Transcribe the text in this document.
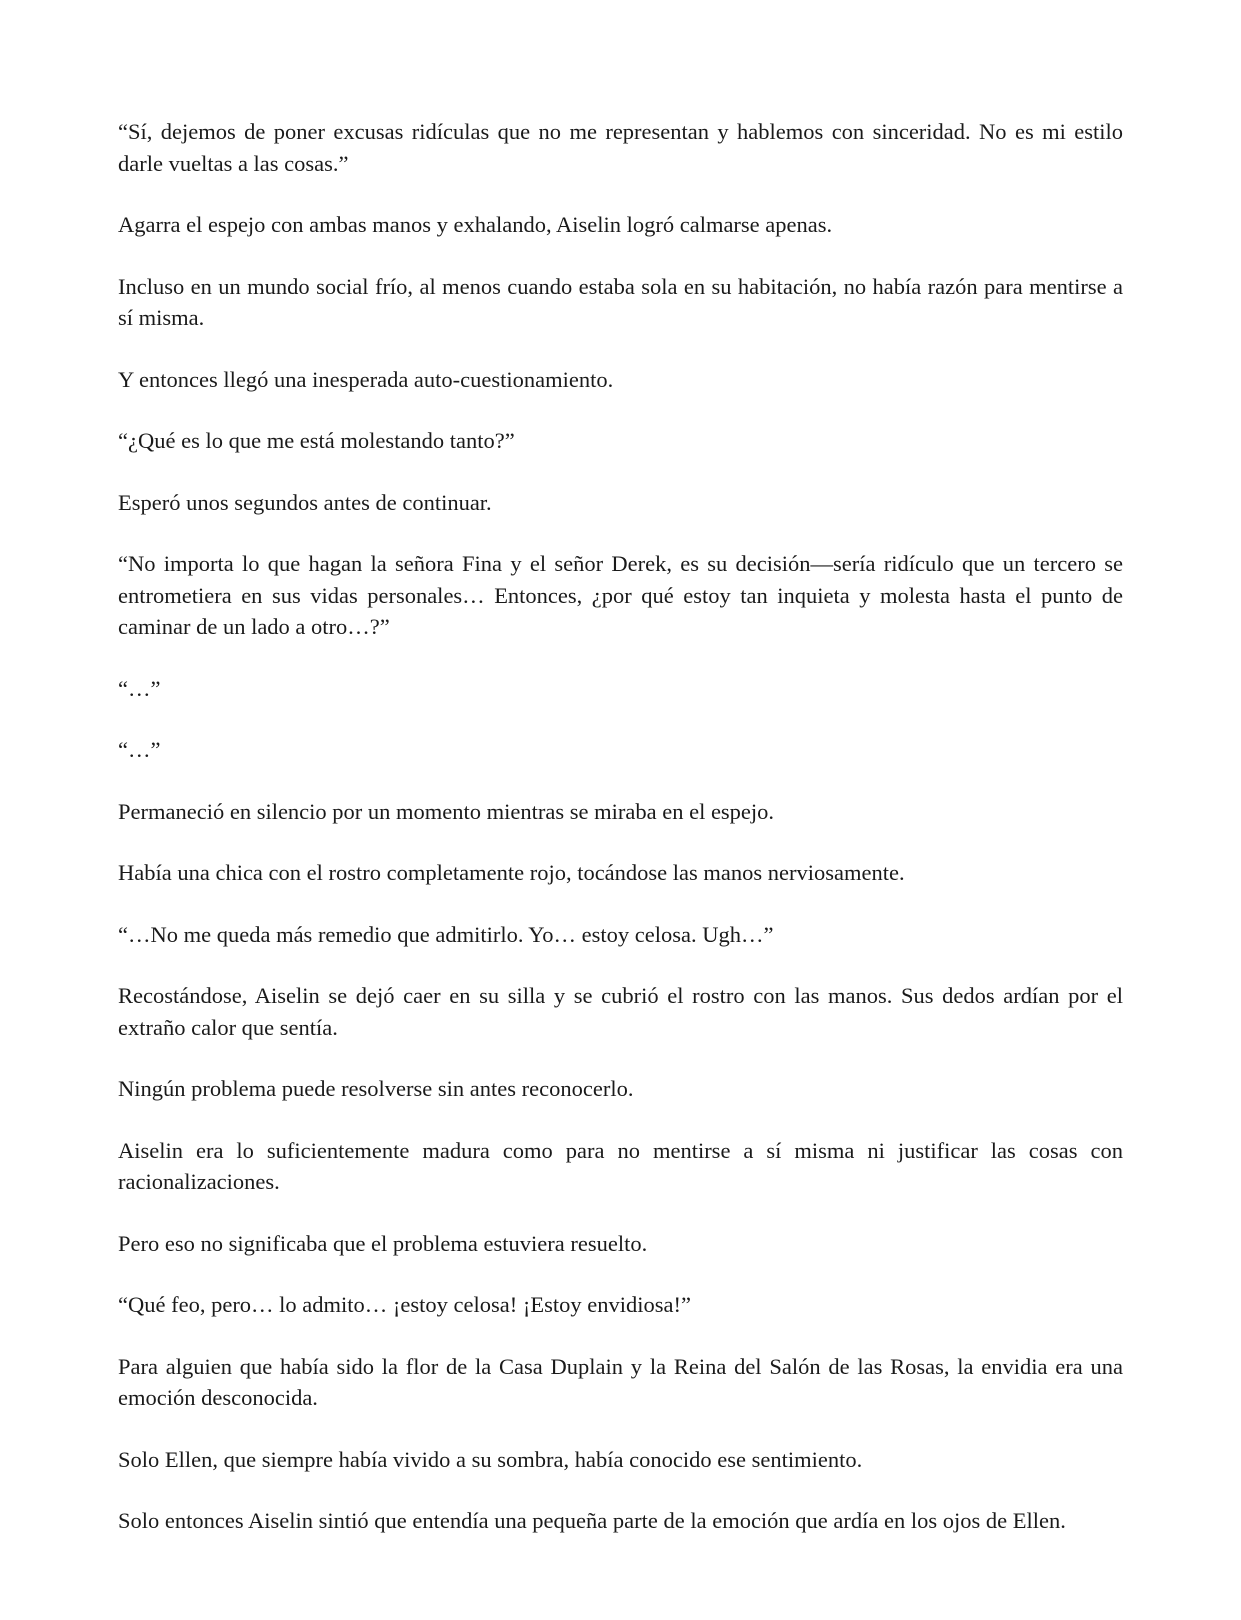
“Sí, dejemos de poner excusas ridículas que no me representan y hablemos con sinceridad. No es mi estilo darle vueltas a las cosas.”

Agarra el espejo con ambas manos y exhalando, Aiselin logró calmarse apenas.

Incluso en un mundo social frío, al menos cuando estaba sola en su habitación, no había razón para mentirse a sí misma.

Y entonces llegó una inesperada auto-cuestionamiento.

“¿Qué es lo que me está molestando tanto?”

Esperó unos segundos antes de continuar.

“No importa lo que hagan la señora Fina y el señor Derek, es su decisión—sería ridículo que un tercero se entrometiera en sus vidas personales… Entonces, ¿por qué estoy tan inquieta y molesta hasta el punto de caminar de un lado a otro…?”

“…”

“…”

Permaneció en silencio por un momento mientras se miraba en el espejo.

Había una chica con el rostro completamente rojo, tocándose las manos nerviosamente.

“…No me queda más remedio que admitirlo. Yo… estoy celosa. Ugh…”

Recostándose, Aiselin se dejó caer en su silla y se cubrió el rostro con las manos. Sus dedos ardían por el extraño calor que sentía.

Ningún problema puede resolverse sin antes reconocerlo.

Aiselin era lo suficientemente madura como para no mentirse a sí misma ni justificar las cosas con racionalizaciones.

Pero eso no significaba que el problema estuviera resuelto.

“Qué feo, pero… lo admito… ¡estoy celosa! ¡Estoy envidiosa!”

Para alguien que había sido la flor de la Casa Duplain y la Reina del Salón de las Rosas, la envidia era una emoción desconocida.

Solo Ellen, que siempre había vivido a su sombra, había conocido ese sentimiento.

Solo entonces Aiselin sintió que entendía una pequeña parte de la emoción que ardía en los ojos de Ellen.
